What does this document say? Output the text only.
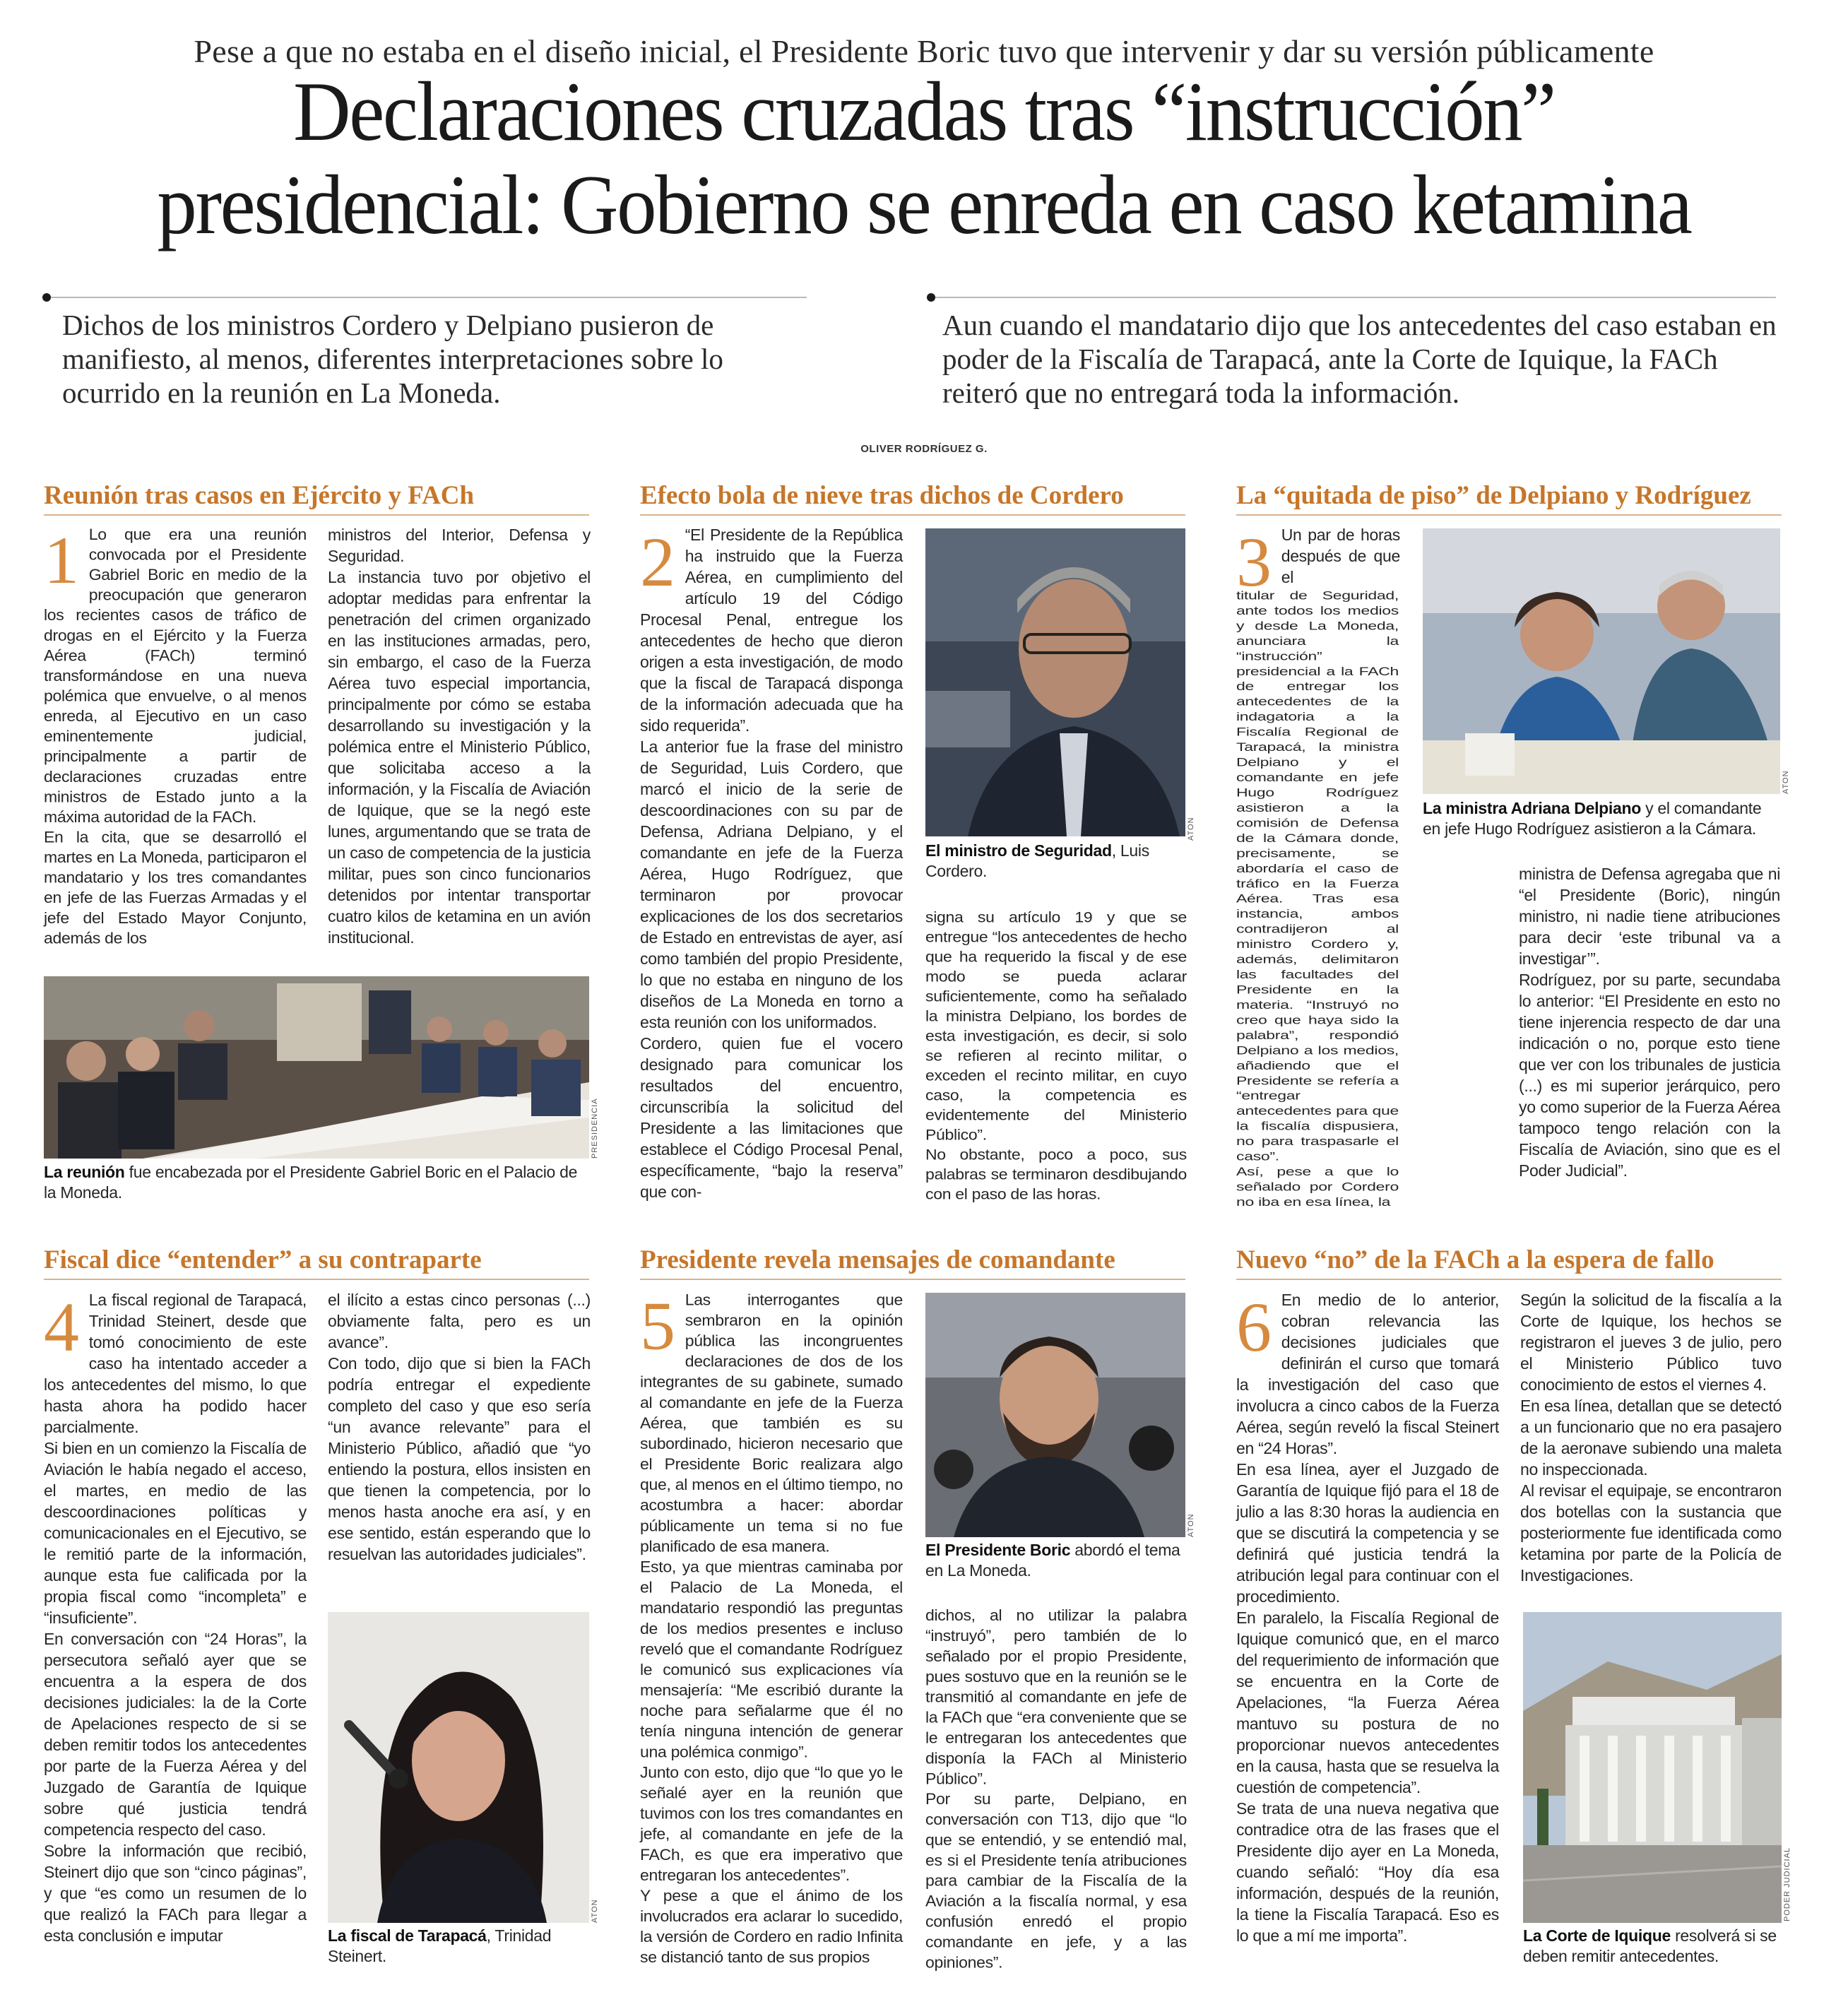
Pese a que no estaba en el diseño inicial, el Presidente Boric tuvo que intervenir y dar su versión públicamente
Declaraciones cruzadas tras “instrucción”
presidencial: Gobierno se enreda en caso ketamina
Dichos de los ministros Cordero y Delpiano pusieron de manifiesto, al menos, diferentes interpretaciones sobre lo ocurrido en la reunión en La Moneda.
Aun cuando el mandatario dijo que los antecedentes del caso estaban en poder de la Fiscalía de Tarapacá, ante la Corte de Iquique, la FACh reiteró que no entregará toda la información.
OLIVER RODRÍGUEZ G.
Reunión tras casos en Ejército y FACh
1 Lo que era una reunión convocada por el Presidente Gabriel Boric en medio de la preocupación que generaron los recientes casos de tráfico de drogas en el Ejército y la Fuerza Aérea (FACh) terminó transformándose en una nueva polémica que envuelve, o al menos enreda, al Ejecutivo en un caso eminentemente judicial, principalmente a partir de declaraciones cruzadas entre ministros de Estado junto a la máxima autoridad de la FACh.

En la cita, que se desarrolló el martes en La Moneda, participaron el mandatario y los tres comandantes en jefe de las Fuerzas Armadas y el jefe del Estado Mayor Conjunto, además de los

ministros del Interior, Defensa y Seguridad.

La instancia tuvo por objetivo el adoptar medidas para enfrentar la penetración del crimen organizado en las instituciones armadas, pero, sin embargo, el caso de la Fuerza Aérea tuvo especial importancia, principalmente por cómo se estaba desarrollando su investigación y la polémica entre el Ministerio Público, que solicitaba acceso a la información, y la Fiscalía de Aviación de Iquique, que se la negó este lunes, argumentando que se trata de un caso de competencia de la justicia militar, pues son cinco funcionarios detenidos por intentar transportar cuatro kilos de ketamina en un avión institucional.

PRESIDENCIA
La reunión fue encabezada por el Presidente Gabriel Boric en el Palacio de la Moneda.
Efecto bola de nieve tras dichos de Cordero
2 “El Presidente de la República ha instruido que la Fuerza Aérea, en cumplimiento del artículo 19 del Código Procesal Penal, entregue los antecedentes de hecho que dieron origen a esta investigación, de modo que la fiscal de Tarapacá disponga de la información adecuada que ha sido requerida”.

La anterior fue la frase del ministro de Seguridad, Luis Cordero, que marcó el inicio de la serie de descoordinaciones con su par de Defensa, Adriana Delpiano, y el comandante en jefe de la Fuerza Aérea, Hugo Rodríguez, que terminaron por provocar explicaciones de los dos secretarios de Estado en entrevistas de ayer, así como también del propio Presidente, lo que no estaba en ninguno de los diseños de La Moneda en torno a esta reunión con los uniformados.

Cordero, quien fue el vocero designado para comunicar los resultados del encuentro, circunscribía la solicitud del Presidente a las limitaciones que establece el Código Procesal Penal, específicamente, “bajo la reserva” que con-

ATON
El ministro de Seguridad, Luis Cordero.

signa su artículo 19 y que se entregue “los antecedentes de hecho que ha requerido la fiscal y de ese modo se pueda aclarar suficientemente, como ha señalado la ministra Delpiano, los bordes de esta investigación, es decir, si solo se refieren al recinto militar, o exceden el recinto militar, en cuyo caso, la competencia es evidentemente del Ministerio Público”.

No obstante, poco a poco, sus palabras se terminaron desdibujando con el paso de las horas.

La “quitada de piso” de Delpiano y Rodríguez
3 Un par de horas después de que el

titular de Seguridad, ante todos los medios y desde La Moneda, anunciara la “instrucción” presidencial a la FACh de entregar los antecedentes de la indagatoria a la Fiscalía Regional de Tarapacá, la ministra Delpiano y el comandante en jefe Hugo Rodríguez asistieron a la comisión de Defensa de la Cámara donde, precisamente, se abordaría el caso de tráfico en la Fuerza Aérea. Tras esa instancia, ambos contradijeron al ministro Cordero y, además, delimitaron las facultades del Presidente en la materia. “Instruyó no creo que haya sido la palabra”, respondió Delpiano a los medios, añadiendo que el Presidente se refería a “entregar antecedentes para que la fiscalía dispusiera, no para traspasarle el caso”.

Así, pese a que lo señalado por Cordero no iba en esa línea, la

ATON
La ministra Adriana Delpiano y el comandante en jefe Hugo Rodríguez asistieron a la Cámara.

ministra de Defensa agregaba que ni “el Presidente (Boric), ningún ministro, ni nadie tiene atribuciones para decir ‘este tribunal va a investigar’”.

Rodríguez, por su parte, secundaba lo anterior: “El Presidente en esto no tiene injerencia respecto de dar una indicación o no, porque esto tiene que ver con los tribunales de justicia (...) es mi superior jerárquico, pero yo como superior de la Fuerza Aérea tampoco tengo relación con la Fiscalía de Aviación, sino que es el Poder Judicial”.

Fiscal dice “entender” a su contraparte
4 La fiscal regional de Tarapacá, Trinidad Steinert, desde que tomó conocimiento de este caso ha intentado acceder a los antecedentes del mismo, lo que hasta ahora ha podido hacer parcialmente.

Si bien en un comienzo la Fiscalía de Aviación le había negado el acceso, el martes, en medio de las descoordinaciones políticas y comunicacionales en el Ejecutivo, se le remitió parte de la información, aunque esta fue calificada por la propia fiscal como “incompleta” e “insuficiente”.

En conversación con “24 Horas”, la persecutora señaló ayer que se encuentra a la espera de dos decisiones judiciales: la de la Corte de Apelaciones respecto de si se deben remitir todos los antecedentes por parte de la Fuerza Aérea y del Juzgado de Garantía de Iquique sobre qué justicia tendrá competencia respecto del caso.

Sobre la información que recibió, Steinert dijo que son “cinco páginas”, y que “es como un resumen de lo que realizó la FACh para llegar a esta conclusión e imputar

el ilícito a estas cinco personas (...) obviamente falta, pero es un avance”.

Con todo, dijo que si bien la FACh podría entregar el expediente completo del caso y que eso sería “un avance relevante” para el Ministerio Público, añadió que “yo entiendo la postura, ellos insisten en que tienen la competencia, por lo menos hasta anoche era así, y en ese sentido, están esperando que lo resuelvan las autoridades judiciales”.

ATON
La fiscal de Tarapacá, Trinidad Steinert.
Presidente revela mensajes de comandante
5 Las interrogantes que sembraron en la opinión pública las incongruentes declaraciones de dos de los integrantes de su gabinete, sumado al comandante en jefe de la Fuerza Aérea, que también es su subordinado, hicieron necesario que el Presidente Boric realizara algo que, al menos en el último tiempo, no acostumbra a hacer: abordar públicamente un tema si no fue planificado de esa manera.

Esto, ya que mientras caminaba por el Palacio de La Moneda, el mandatario respondió las preguntas de los medios presentes e incluso reveló que el comandante Rodríguez le comunicó sus explicaciones vía mensajería: “Me escribió durante la noche para señalarme que él no tenía ninguna intención de generar una polémica conmigo”.

Junto con esto, dijo que “lo que yo le señalé ayer en la reunión que tuvimos con los tres comandantes en jefe, al comandante en jefe de la FACh, es que era imperativo que entregaran los antecedentes”.

Y pese a que el ánimo de los involucrados era aclarar lo sucedido, la versión de Cordero en radio Infinita se distanció tanto de sus propios

ATON
El Presidente Boric abordó el tema en La Moneda.

dichos, al no utilizar la palabra “instruyó”, pero también de lo señalado por el propio Presidente, pues sostuvo que en la reunión se le transmitió al comandante en jefe de la FACh que “era conveniente que se le entregaran los antecedentes que disponía la FACh al Ministerio Público”.

Por su parte, Delpiano, en conversación con T13, dijo que “lo que se entendió, y se entendió mal, es si el Presidente tenía atribuciones para cambiar de la Fiscalía de la Aviación a la fiscalía normal, y esa confusión enredó el propio comandante en jefe, y a las opiniones”.

Nuevo “no” de la FACh a la espera de fallo
6 En medio de lo anterior, cobran relevancia las decisiones judiciales que definirán el curso que tomará la investigación del caso que involucra a cinco cabos de la Fuerza Aérea, según reveló la fiscal Steinert en “24 Horas”.

En esa línea, ayer el Juzgado de Garantía de Iquique fijó para el 18 de julio a las 8:30 horas la audiencia en que se discutirá la competencia y se definirá qué justicia tendrá la atribución legal para continuar con el procedimiento.

En paralelo, la Fiscalía Regional de Iquique comunicó que, en el marco del requerimiento de información que se encuentra en la Corte de Apelaciones, “la Fuerza Aérea mantuvo su postura de no proporcionar nuevos antecedentes en la causa, hasta que se resuelva la cuestión de competencia”.

Se trata de una nueva negativa que contradice otra de las frases que el Presidente dijo ayer en La Moneda, cuando señaló: “Hoy día esa información, después de la reunión, la tiene la Fiscalía Tarapacá. Eso es lo que a mí me importa”.

Según la solicitud de la fiscalía a la Corte de Iquique, los hechos se registraron el jueves 3 de julio, pero el Ministerio Público tuvo conocimiento de estos el viernes 4.

En esa línea, detallan que se detectó a un funcionario que no era pasajero de la aeronave subiendo una maleta no inspeccionada.

Al revisar el equipaje, se encontraron dos botellas con la sustancia que posteriormente fue identificada como ketamina por parte de la Policía de Investigaciones.

PODER JUDICIAL
La Corte de Iquique resolverá si se deben remitir antecedentes.
